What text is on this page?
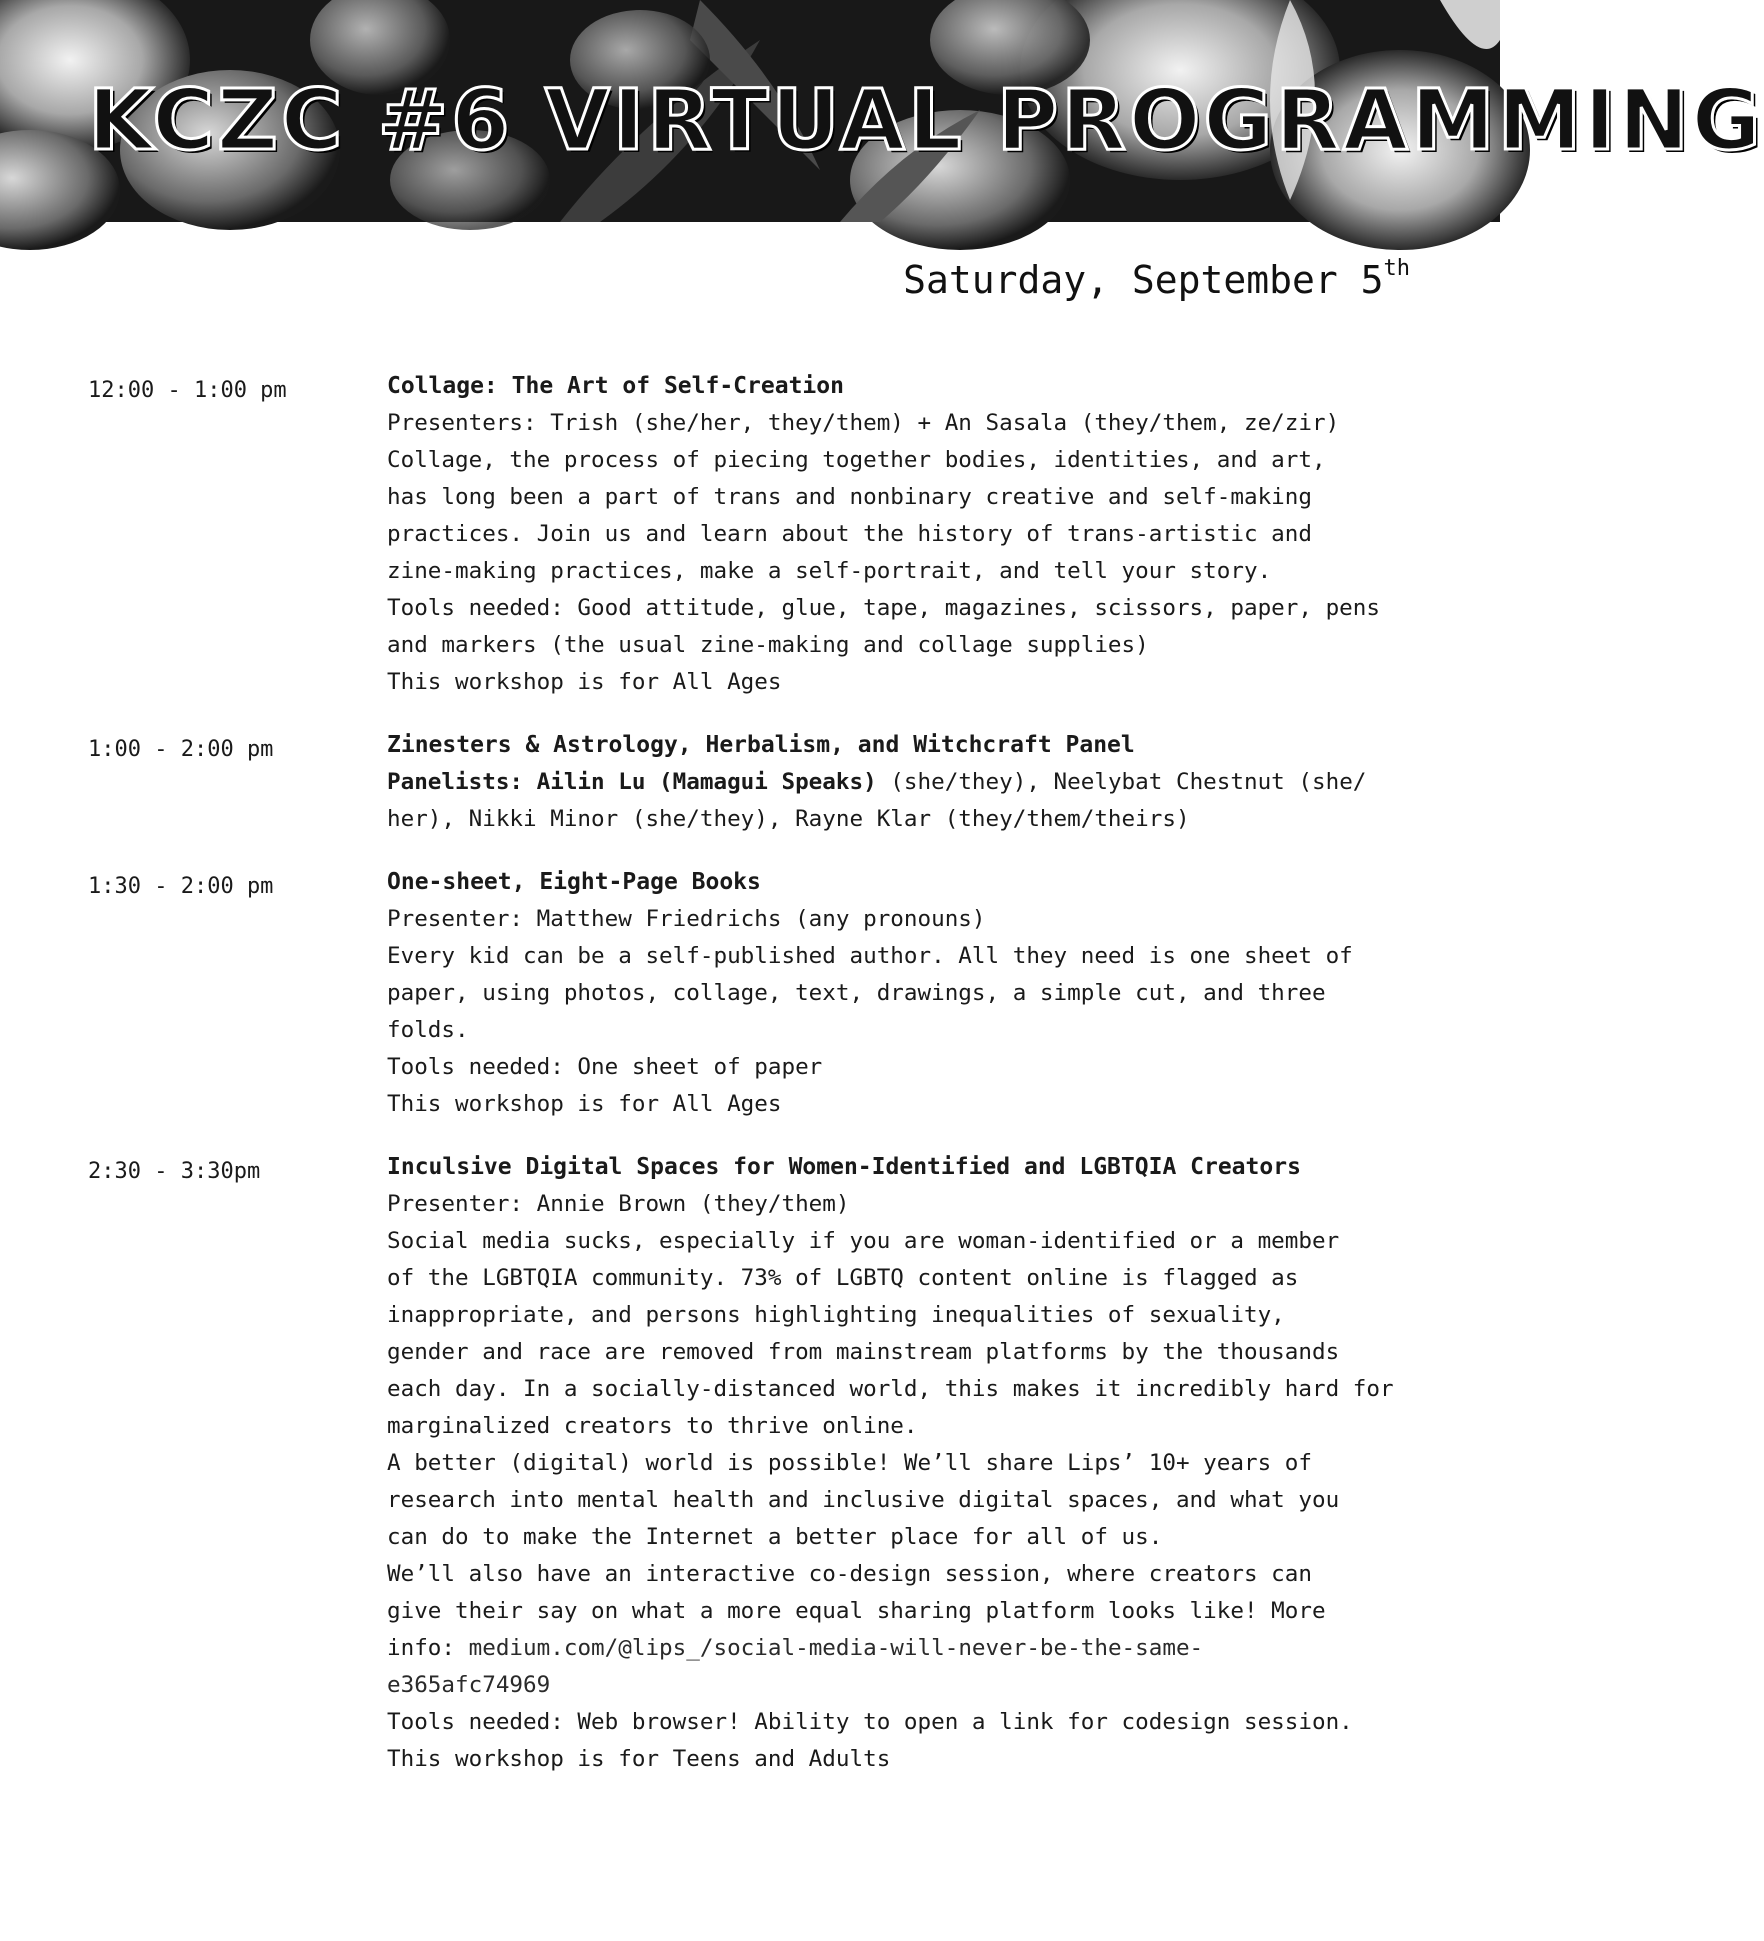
KCZC #6 VIRTUAL PROGRAMMING
Saturday, September 5th
12:00 - 1:00 pm	Collage: The Art of Self-Creation
Presenters: Trish (she/her, they/them) + An Sasala (they/them, ze/zir)
Collage, the process of piecing together bodies, identities, and art,
has long been a part of trans and nonbinary creative and self-making
practices. Join us and learn about the history of trans-artistic and
zine-making practices, make a self-portrait, and tell your story.
Tools needed: Good attitude, glue, tape, magazines, scissors, paper, pens
and markers (the usual zine-making and collage supplies)
This workshop is for All Ages
1:00 - 2:00 pm	Zinesters & Astrology, Herbalism, and Witchcraft Panel
Panelists: Ailin Lu (Mamagui Speaks) (she/they), Neelybat Chestnut (she/
her), Nikki Minor (she/they), Rayne Klar (they/them/theirs)
1:30 - 2:00 pm	One-sheet, Eight-Page Books
Presenter: Matthew Friedrichs (any pronouns)
Every kid can be a self-published author. All they need is one sheet of
paper, using photos, collage, text, drawings, a simple cut, and three
folds.
Tools needed: One sheet of paper
This workshop is for All Ages
2:30 - 3:30pm	Inculsive Digital Spaces for Women-Identified and LGBTQIA Creators
Presenter: Annie Brown (they/them)
Social media sucks, especially if you are woman-identified or a member
of the LGBTQIA community. 73% of LGBTQ content online is flagged as
inappropriate, and persons highlighting inequalities of sexuality,
gender and race are removed from mainstream platforms by the thousands
each day. In a socially-distanced world, this makes it incredibly hard for
marginalized creators to thrive online.
A better (digital) world is possible! We’ll share Lips’ 10+ years of
research into mental health and inclusive digital spaces, and what you
can do to make the Internet a better place for all of us.
We’ll also have an interactive co-design session, where creators can
give their say on what a more equal sharing platform looks like! More
info: medium.com/@lips_/social-media-will-never-be-the-same-
e365afc74969
Tools needed: Web browser! Ability to open a link for codesign session.
This workshop is for Teens and Adults
